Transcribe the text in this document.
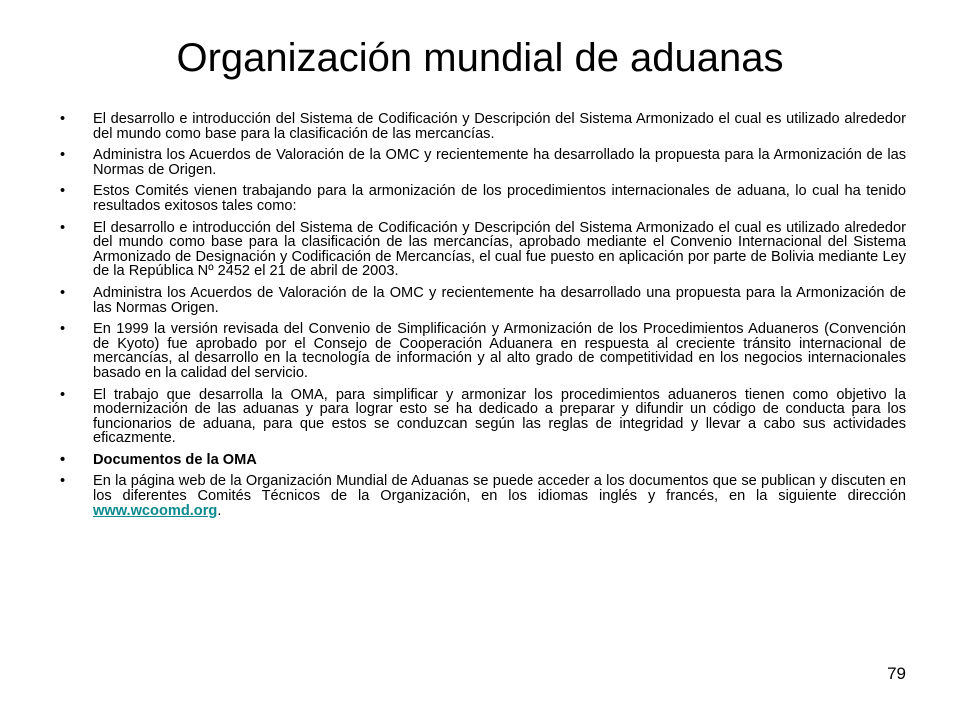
Organización mundial de aduanas
• El desarrollo e introducción del Sistema de Codificación y Descripción del Sistema Armonizado el cual es utilizado alrededor del mundo como base para la clasificación de las mercancías.
• Administra los Acuerdos de Valoración de la OMC y recientemente ha desarrollado la propuesta para la Armonización de las Normas de Origen.
• Estos Comités vienen trabajando para la armonización de los procedimientos internacionales de aduana, lo cual ha tenido resultados exitosos tales como:
• El desarrollo e introducción del Sistema de Codificación y Descripción del Sistema Armonizado el cual es utilizado alrededor del mundo como base para la clasificación de las mercancías, aprobado mediante el Convenio Internacional del Sistema Armonizado de Designación y Codificación de Mercancías, el cual fue puesto en aplicación por parte de Bolivia mediante Ley de la República Nº 2452 el 21 de abril de 2003.
• Administra los Acuerdos de Valoración de la OMC y recientemente ha desarrollado una propuesta para la Armonización de las Normas Origen.
• En 1999 la versión revisada del Convenio de Simplificación y Armonización de los Procedimientos Aduaneros (Convención de Kyoto) fue aprobado por el Consejo de Cooperación Aduanera en respuesta al creciente tránsito internacional de mercancías, al desarrollo en la tecnología de información y al alto grado de competitividad en los negocios internacionales basado en la calidad del servicio.
• El trabajo que desarrolla la OMA, para simplificar y armonizar los procedimientos aduaneros tienen como objetivo la modernización de las aduanas y para lograr esto se ha dedicado a preparar y difundir un código de conducta para los funcionarios de aduana, para que estos se conduzcan según las reglas de integridad y llevar a cabo sus actividades eficazmente.
• Documentos de la OMA
• En la página web de la Organización Mundial de Aduanas se puede acceder a los documentos que se publican y discuten en los diferentes Comités Técnicos de la Organización, en los idiomas inglés y francés, en la siguiente dirección www.wcoomd.org.
79
